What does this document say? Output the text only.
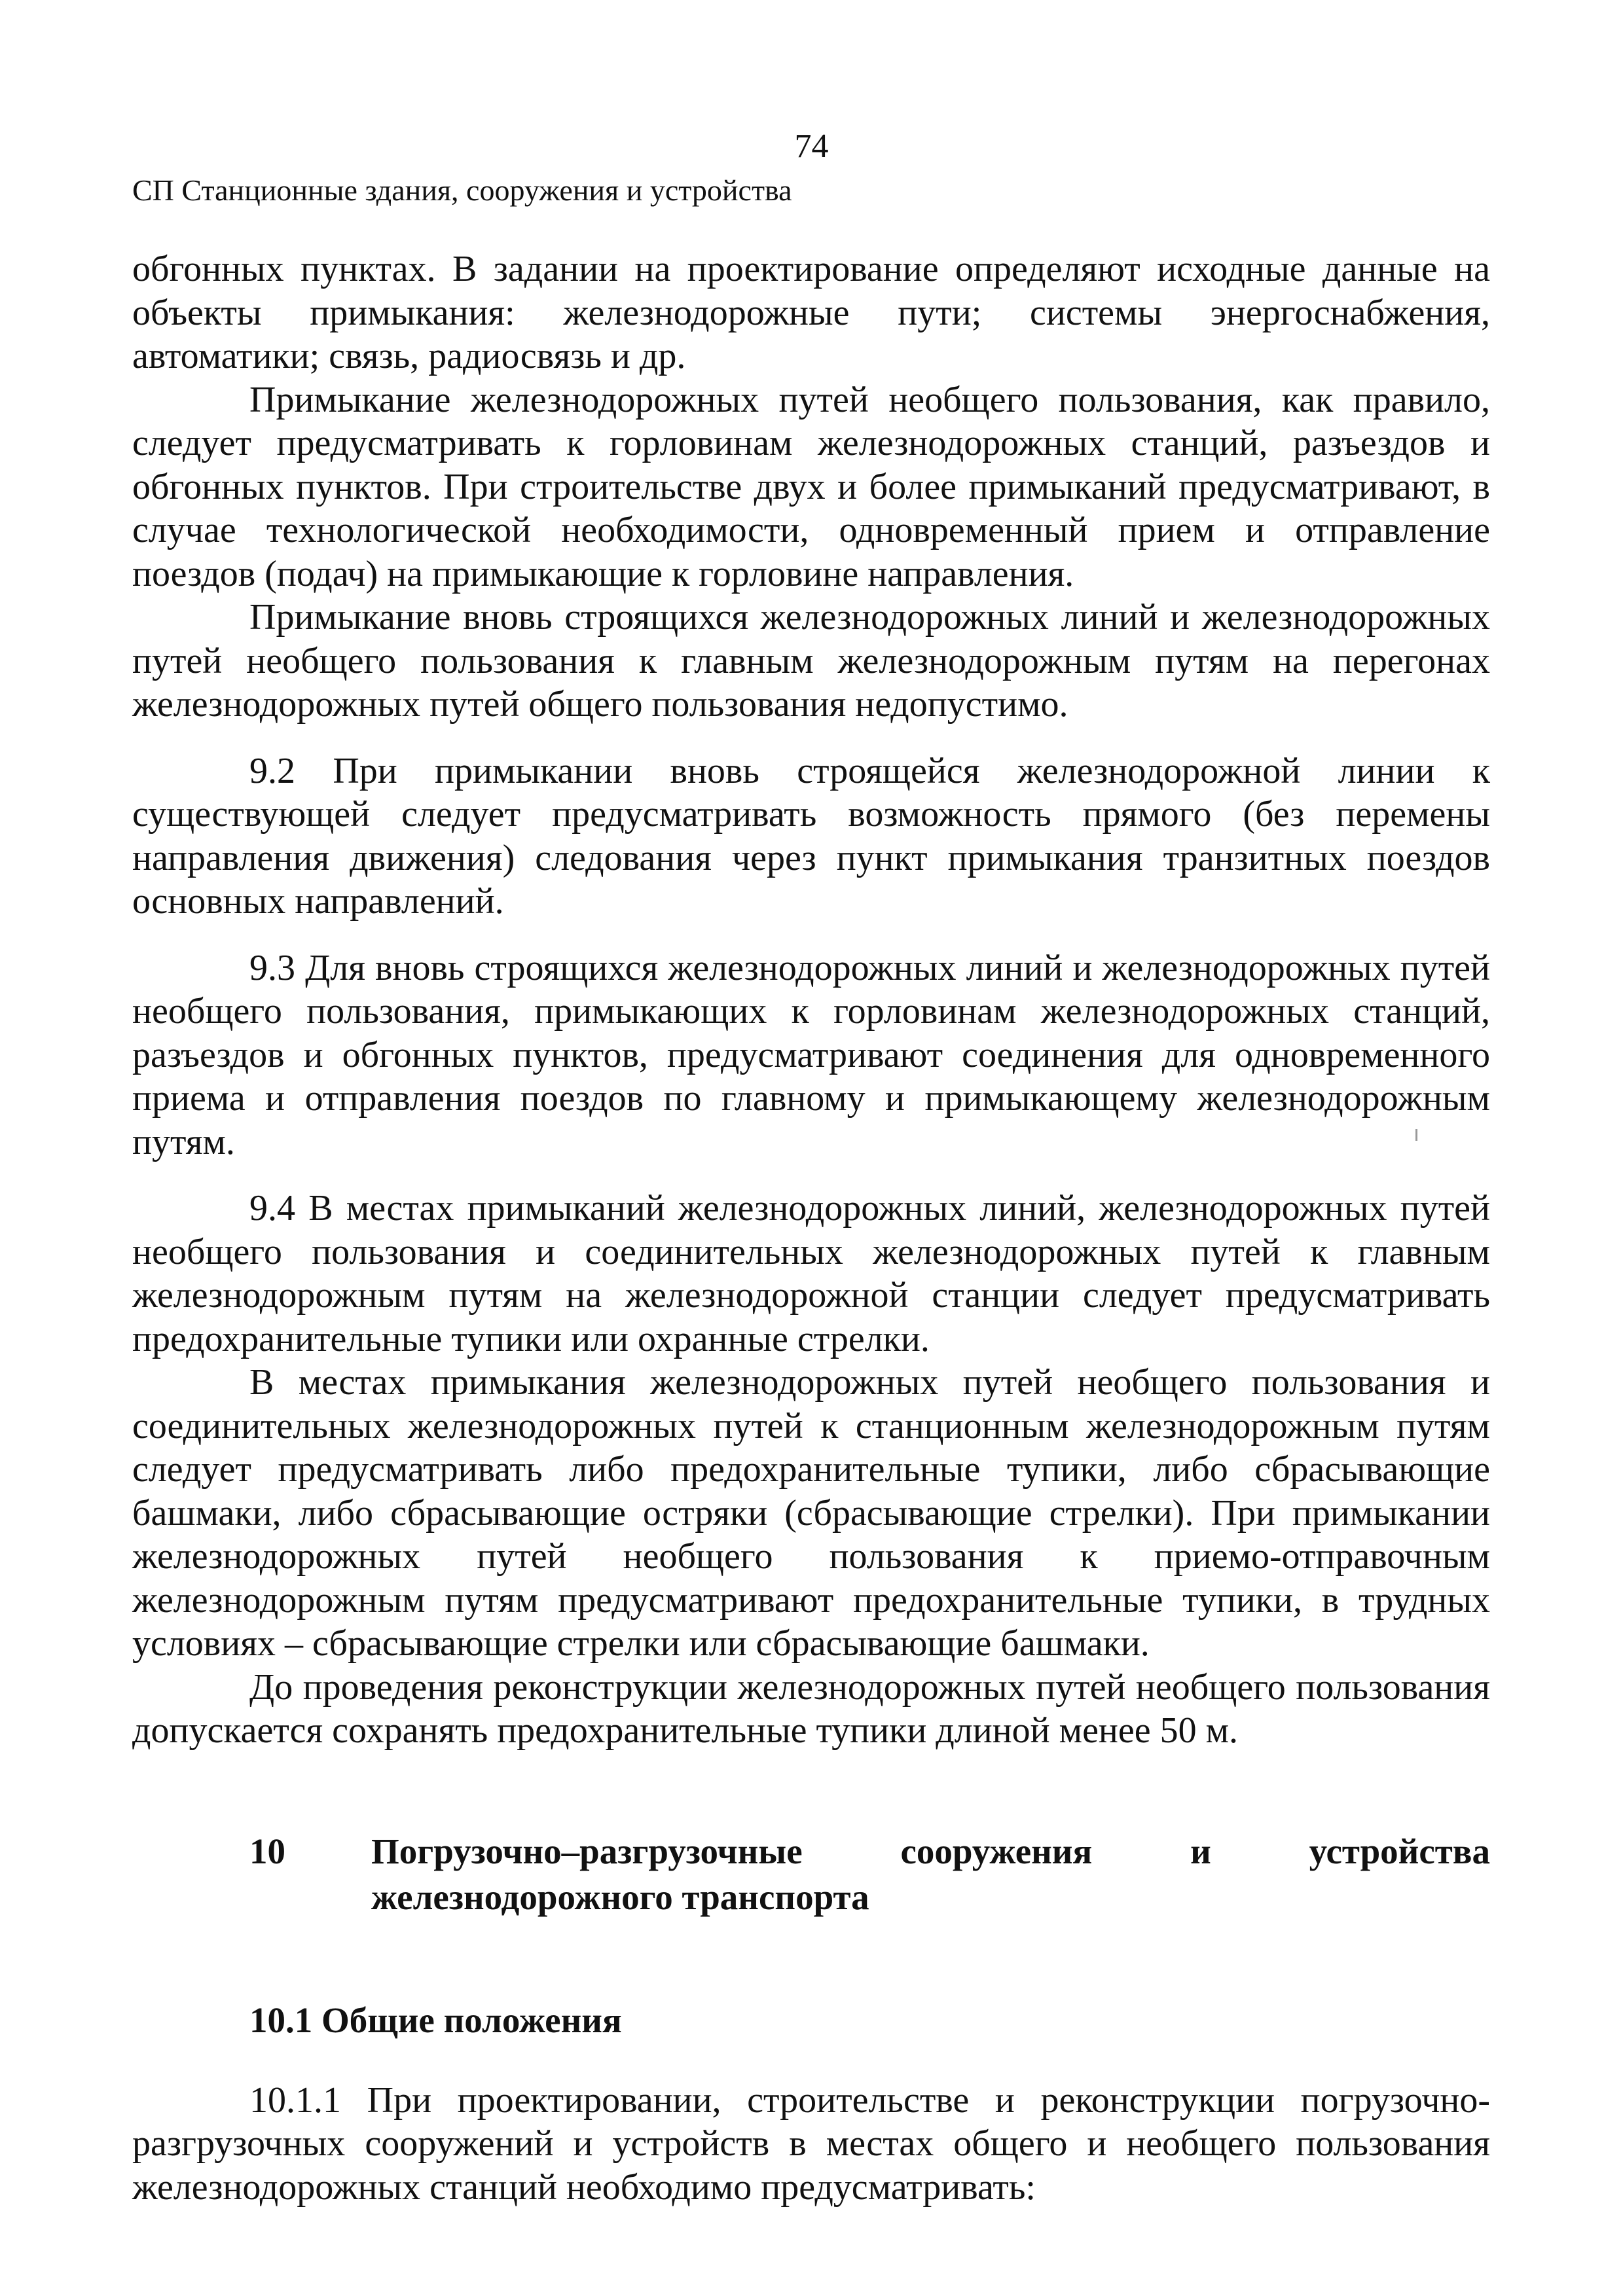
74
СП Станционные здания, сооружения и устройства

обгонных пунктах. В задании на проектирование определяют исходные данные на объекты примыкания: железнодорожные пути; системы энергоснабжения, автоматики; связь, радиосвязь и др.

Примыкание железнодорожных путей необщего пользования, как правило, следует предусматривать к горловинам железнодорожных станций, разъездов и обгонных пунктов. При строительстве двух и более примыканий предусматривают, в случае технологической необходимости, одновременный прием и отправление поездов (подач) на примыкающие к горловине направления.

Примыкание вновь строящихся железнодорожных линий и железнодорожных путей необщего пользования к главным железнодорожным путям на перегонах железнодорожных путей общего пользования недопустимо.

9.2 При примыкании вновь строящейся железнодорожной линии к существующей следует предусматривать возможность прямого (без перемены направления движения) следования через пункт примыкания транзитных поездов основных направлений.

9.3 Для вновь строящихся железнодорожных линий и железнодорожных путей необщего пользования, примыкающих к горловинам железнодорожных станций, разъездов и обгонных пунктов, предусматривают соединения для одновременного приема и отправления поездов по главному и примыкающему железнодорожным путям.

9.4 В местах примыканий железнодорожных линий, железнодорожных путей необщего пользования и соединительных железнодорожных путей к главным железнодорожным путям на железнодорожной станции следует предусматривать предохранительные тупики или охранные стрелки.

В местах примыкания железнодорожных путей необщего пользования и соединительных железнодорожных путей к станционным железнодорожным путям следует предусматривать либо предохранительные тупики, либо сбрасывающие башмаки, либо сбрасывающие остряки (сбрасывающие стрелки). При примыкании железнодорожных путей необщего пользования к приемо-отправочным железнодорожным путям предусматривают предохранительные тупики, в трудных условиях – сбрасывающие стрелки или сбрасывающие башмаки.

До проведения реконструкции железнодорожных путей необщего пользования допускается сохранять предохранительные тупики длиной менее 50 м.

10 Погрузочно–разгрузочные сооружения и устройства
железнодорожного транспорта
10.1 Общие положения

10.1.1 При проектировании, строительстве и реконструкции погрузочно-разгрузочных сооружений и устройств в местах общего и необщего пользования железнодорожных станций необходимо предусматривать:
